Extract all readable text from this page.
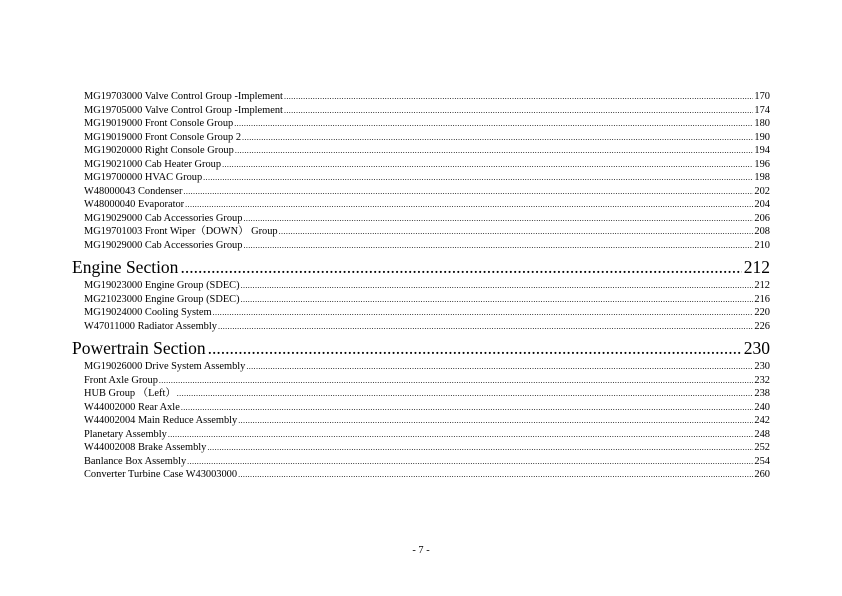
MG19703000 Valve Control Group -Implement .....	170
MG19705000 Valve Control Group -Implement .....	174
MG19019000 Front Console Group .....	180
MG19019000 Front Console Group 2 .....	190
MG19020000 Right Console Group .....	194
MG19021000 Cab Heater Group .....	196
MG19700000 HVAC Group .....	198
W48000043 Condenser .....	202
W48000040 Evaporator .....	204
MG19029000 Cab Accessories Group .....	206
MG19701003 Front Wiper（DOWN） Group .....	208
MG19029000 Cab Accessories Group .....	210
Engine Section .....	212
MG19023000 Engine Group (SDEC) .....	212
MG21023000 Engine Group (SDEC) .....	216
MG19024000 Cooling System .....	220
W47011000 Radiator Assembly .....	226
Powertrain Section .....	230
MG19026000 Drive System Assembly .....	230
Front Axle Group .....	232
HUB Group （Left） .....	238
W44002000 Rear Axle .....	240
W44002004 Main Reduce Assembly .....	242
Planetary Assembly .....	248
W44002008 Brake Assembly .....	252
Banlance Box Assembly .....	254
Converter Turbine Case W43003000 .....	260
- 7 -
